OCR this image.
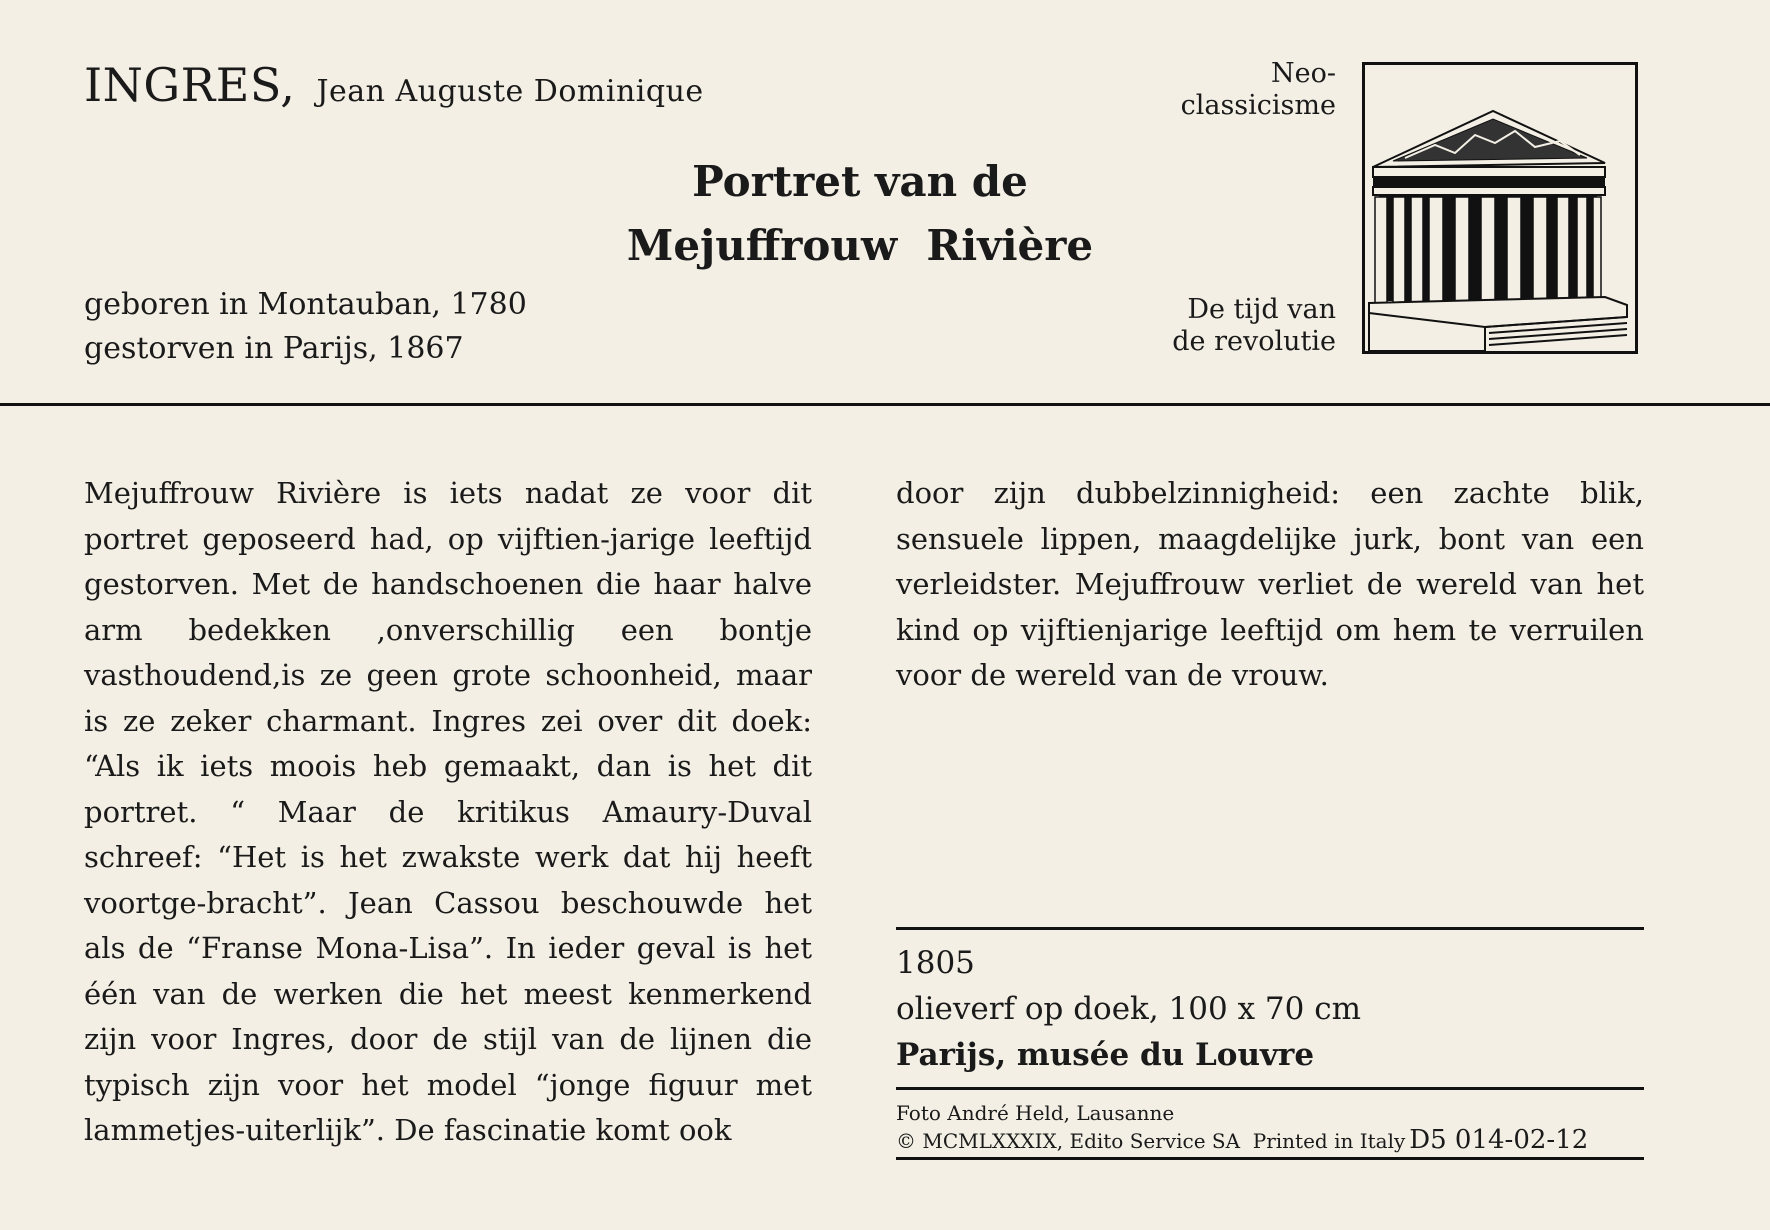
INGRES, Jean Auguste Dominique
Portret van de
Mejuffrouw  Rivière
geboren in Montauban, 1780
gestorven in Parijs, 1867
Neo-
classicisme
De tijd van
de revolutie
Mejuffrouw Rivière is iets nadat ze voor dit portret geposeerd had, op vijftien-jarige leeftijd gestorven. Met de handschoenen die haar halve arm bedekken ,onverschillig een bontje vasthoudend,is ze geen grote schoonheid, maar is ze zeker charmant. Ingres zei over dit doek: “Als ik iets moois heb gemaakt, dan is het dit portret. “ Maar de kritikus Amaury-Duval schreef: “Het is het zwakste werk dat hij heeft voortge-bracht”. Jean Cassou beschouwde het als de “Franse Mona-Lisa”. In ieder geval is het één van de werken die het meest kenmerkend zijn voor Ingres, door de stijl van de lijnen die typisch zijn voor het model “jonge figuur met lammetjes-uiterlijk”. De fascinatie komt ook
door zijn dubbelzinnigheid: een zachte blik, sensuele lippen, maagdelijke jurk, bont van een verleidster. Mejuffrouw verliet de wereld van het kind op vijftienjarige leeftijd om hem te verruilen voor de wereld van de vrouw.
1805
olieverf op doek, 100 x 70 cm
Parijs, musée du Louvre
Foto André Held, Lausanne
© MCMLXXXIX, Edito Service SA  Printed in Italy D5 014-02-12
